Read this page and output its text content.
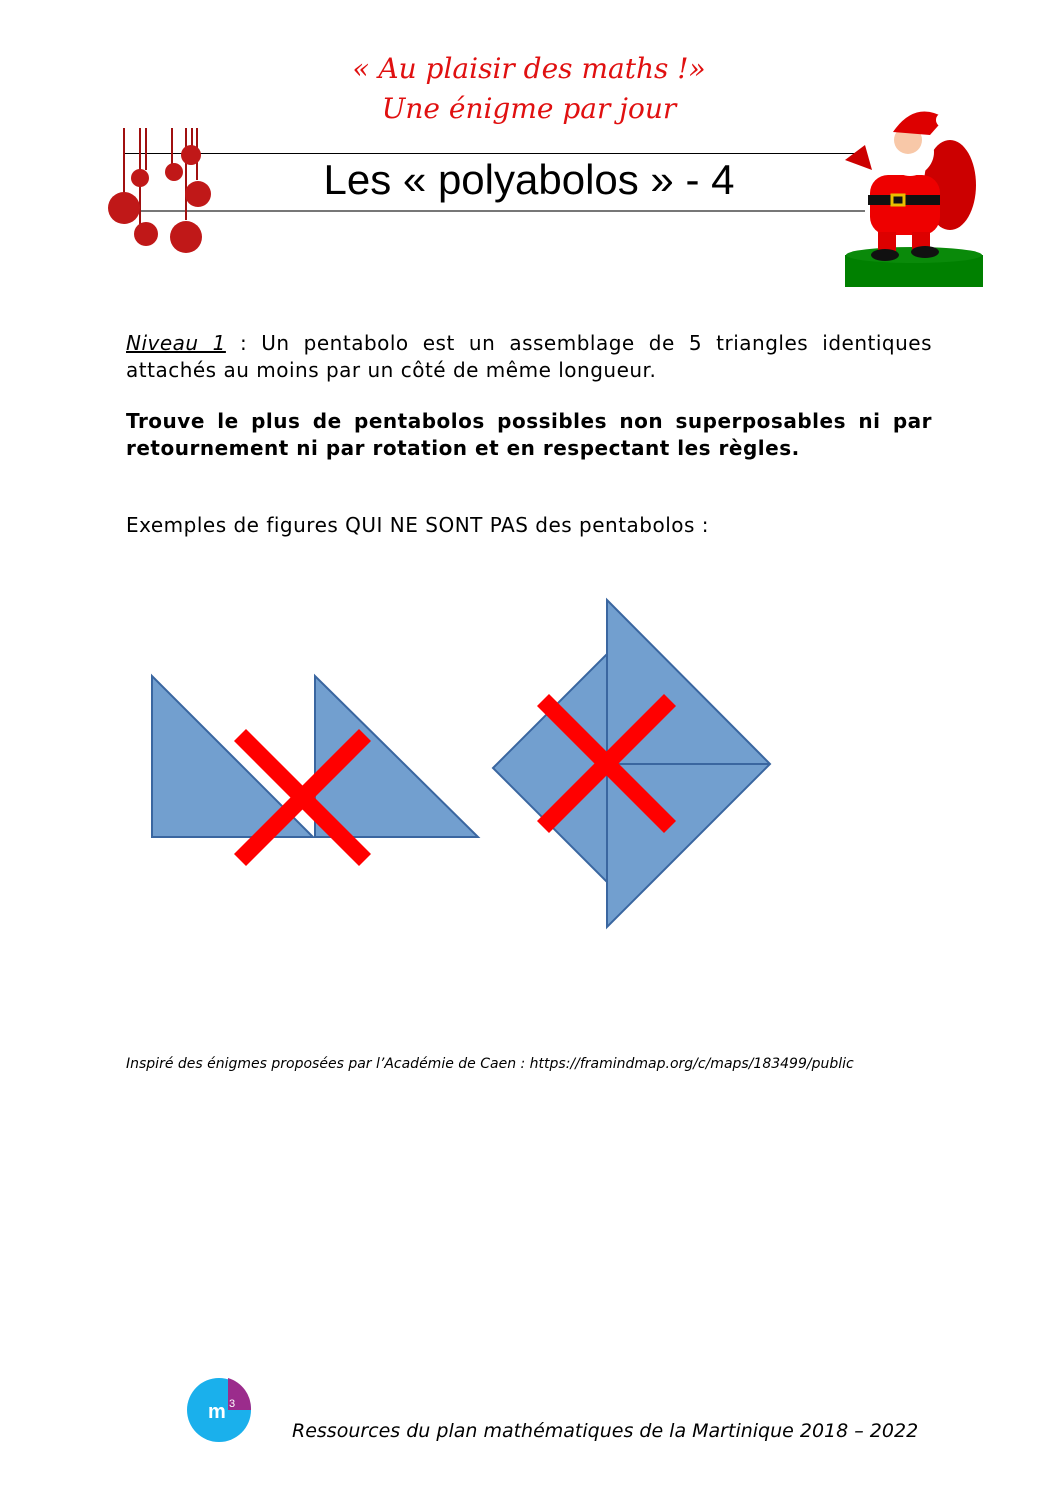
« Au plaisir des maths !»
Une énigme par jour
Les « polyabolos » - 4
m 3
Niveau 1 : Un pentabolo est un assemblage de 5 triangles identiques attachés au moins par un côté de même longueur.
Trouve le plus de pentabolos possibles non superposables ni par retournement ni par rotation et en respectant les règles.
Exemples de figures QUI NE SONT PAS des pentabolos :
Inspiré des énigmes proposées par l’Académie de Caen : https://framindmap.org/c/maps/183499/public
Ressources du plan mathématiques de la Martinique 2018 – 2022
